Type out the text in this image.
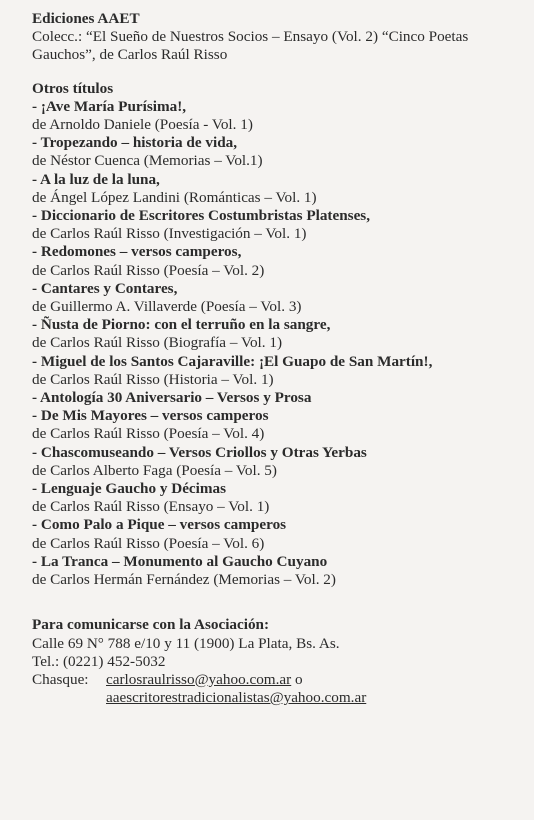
Ediciones AAET
Colecc.: “El Sueño de Nuestros Socios – Ensayo (Vol. 2) “Cinco Poetas
Gauchos”, de Carlos Raúl Risso
Otros títulos
- ¡Ave María Purísima!,
de Arnoldo Daniele (Poesía - Vol. 1)
- Tropezando – historia de vida,
de Néstor Cuenca (Memorias – Vol.1)
- A la luz de la luna,
de Ángel López Landini (Románticas – Vol. 1)
- Diccionario de Escritores Costumbristas Platenses,
de Carlos Raúl Risso (Investigación – Vol. 1)
- Redomones – versos camperos,
de Carlos Raúl Risso (Poesía – Vol. 2)
- Cantares y Contares,
de Guillermo A. Villaverde (Poesía – Vol. 3)
- Ñusta de Piorno: con el terruño en la sangre,
de Carlos Raúl Risso (Biografía – Vol. 1)
- Miguel de los Santos Cajaraville: ¡El Guapo de San Martín!,
de Carlos Raúl Risso (Historia – Vol. 1)
- Antología 30 Aniversario – Versos y Prosa
- De Mis Mayores – versos camperos
de Carlos Raúl Risso (Poesía – Vol. 4)
- Chascomuseando – Versos Criollos y Otras Yerbas
de Carlos Alberto Faga (Poesía – Vol. 5)
- Lenguaje Gaucho y Décimas
de Carlos Raúl Risso (Ensayo – Vol. 1)
- Como Palo a Pique – versos camperos
de Carlos Raúl Risso (Poesía – Vol. 6)
- La Tranca – Monumento al Gaucho Cuyano
de Carlos Hermán Fernández (Memorias – Vol. 2)
Para comunicarse con la Asociación:
Calle 69 N° 788 e/10 y 11 (1900) La Plata, Bs. As.
Tel.: (0221) 452-5032
Chasque:	carlosraulrisso@yahoo.com.ar o
aaescritorestradicionalistas@yahoo.com.ar
